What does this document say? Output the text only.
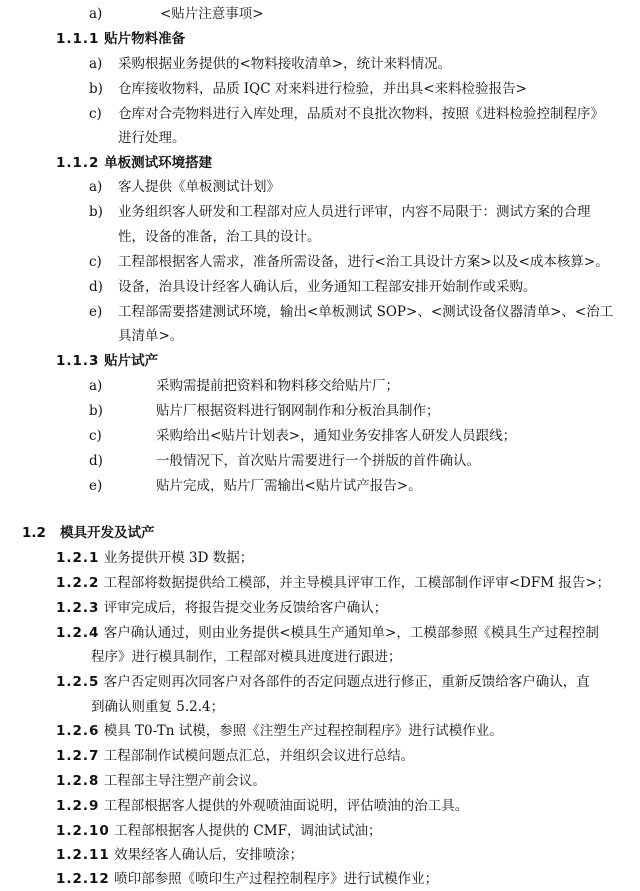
a)	<贴片注意事项>
1.1.1 贴片物料准备
a) 采购根据业务提供的<物料接收清单>，统计来料情况。
b) 仓库接收物料，品质 IQC 对来料进行检验，并出具<来料检验报告>
c) 仓库对合壳物料进行入库处理，品质对不良批次物料，按照《进料检验控制程序》
进行处理。
1.1.2 单板测试环境搭建
a) 客人提供《单板测试计划》
b) 业务组织客人研发和工程部对应人员进行评审，内容不局限于：测试方案的合理
性，设备的准备，治工具的设计。
c) 工程部根据客人需求，准备所需设备，进行<治工具设计方案>以及<成本核算>。
d) 设备，治具设计经客人确认后，业务通知工程部安排开始制作或采购。
e) 工程部需要搭建测试环境，输出<单板测试 SOP>、<测试设备仪器清单>、<治工
具清单>。
1.1.3 贴片试产
a)	采购需提前把资料和物料移交给贴片厂；
b)	贴片厂根据资料进行钢网制作和分板治具制作；
c)	采购给出<贴片计划表>，通知业务安排客人研发人员跟线；
d)	一般情况下，首次贴片需要进行一个拼版的首件确认。
e)	贴片完成，贴片厂需输出<贴片试产报告>。
1.2 模具开发及试产
1.2.1 业务提供开模 3D 数据；
1.2.2 工程部将数据提供给工模部，并主导模具评审工作，工模部制作评审<DFM 报告>；
1.2.3 评审完成后，将报告提交业务反馈给客户确认；
1.2.4 客户确认通过，则由业务提供<模具生产通知单>，工模部参照《模具生产过程控制
程序》进行模具制作，工程部对模具进度进行跟进；
1.2.5 客户否定则再次同客户对各部件的否定问题点进行修正，重新反馈给客户确认，直
到确认则重复 5.2.4；
1.2.6 模具 T0-Tn 试模，参照《注塑生产过程控制程序》进行试模作业。
1.2.7 工程部制作试模问题点汇总，并组织会议进行总结。
1.2.8 工程部主导注塑产前会议。
1.2.9 工程部根据客人提供的外观喷油面说明，评估喷油的治工具。
1.2.10 工程部根据客人提供的 CMF，调油试试油；
1.2.11 效果经客人确认后，安排喷涂；
1.2.12 喷印部参照《喷印生产过程控制程序》进行试模作业；
